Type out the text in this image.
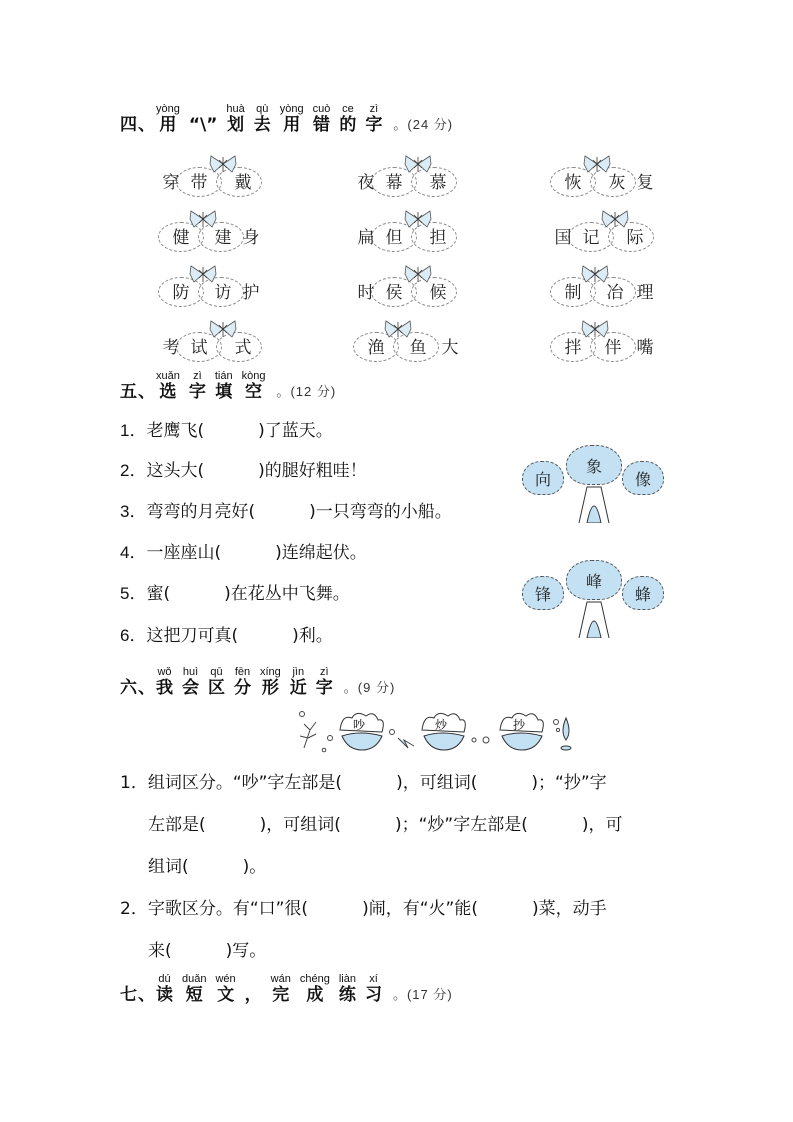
四、
yòng
用 “\”
huà
划
qù
去
yòng
用
cuò
错
ce
的
zì
字 。(24 分)
穿 带 戴	夜 幕 慕	恢 灰 复
健 建 身	扁 但 担	国 记 际
防 访 护	时 侯 候	制 冶 理
考 试 式	渔 鱼 大	拌 伴 嘴
五、
xuǎn
选
zì
字
tián
填
kòng
空 。(12 分)
1．老鹰飞(          )了蓝天。
2．这头大(          )的腿好粗哇！
3．弯弯的月亮好(          )一只弯弯的小船。
4．一座座山(          )连绵起伏。
5．蜜(          )在花丛中飞舞。
6．这把刀可真(          )利。
向
象
像
锋
峰
蜂
六、
wǒ
我
huì
会
qū
区
fēn
分
xíng
形
jìn
近
zì
字 。(9 分)
吵	炒	抄
1．组词区分。“吵”字左部是(          )，可组词(          )；“抄”字
左部是(          )，可组词(          )；“炒”字左部是(          )，可
组词(          )。
2．字歌区分。有“口”很(          )闹，有“火”能(          )菜，动手
来(          )写。
七、
dú
读
duǎn
短
wén
文 ，
wán
完
chéng
成
liàn
练
xí
习 。(17 分)
